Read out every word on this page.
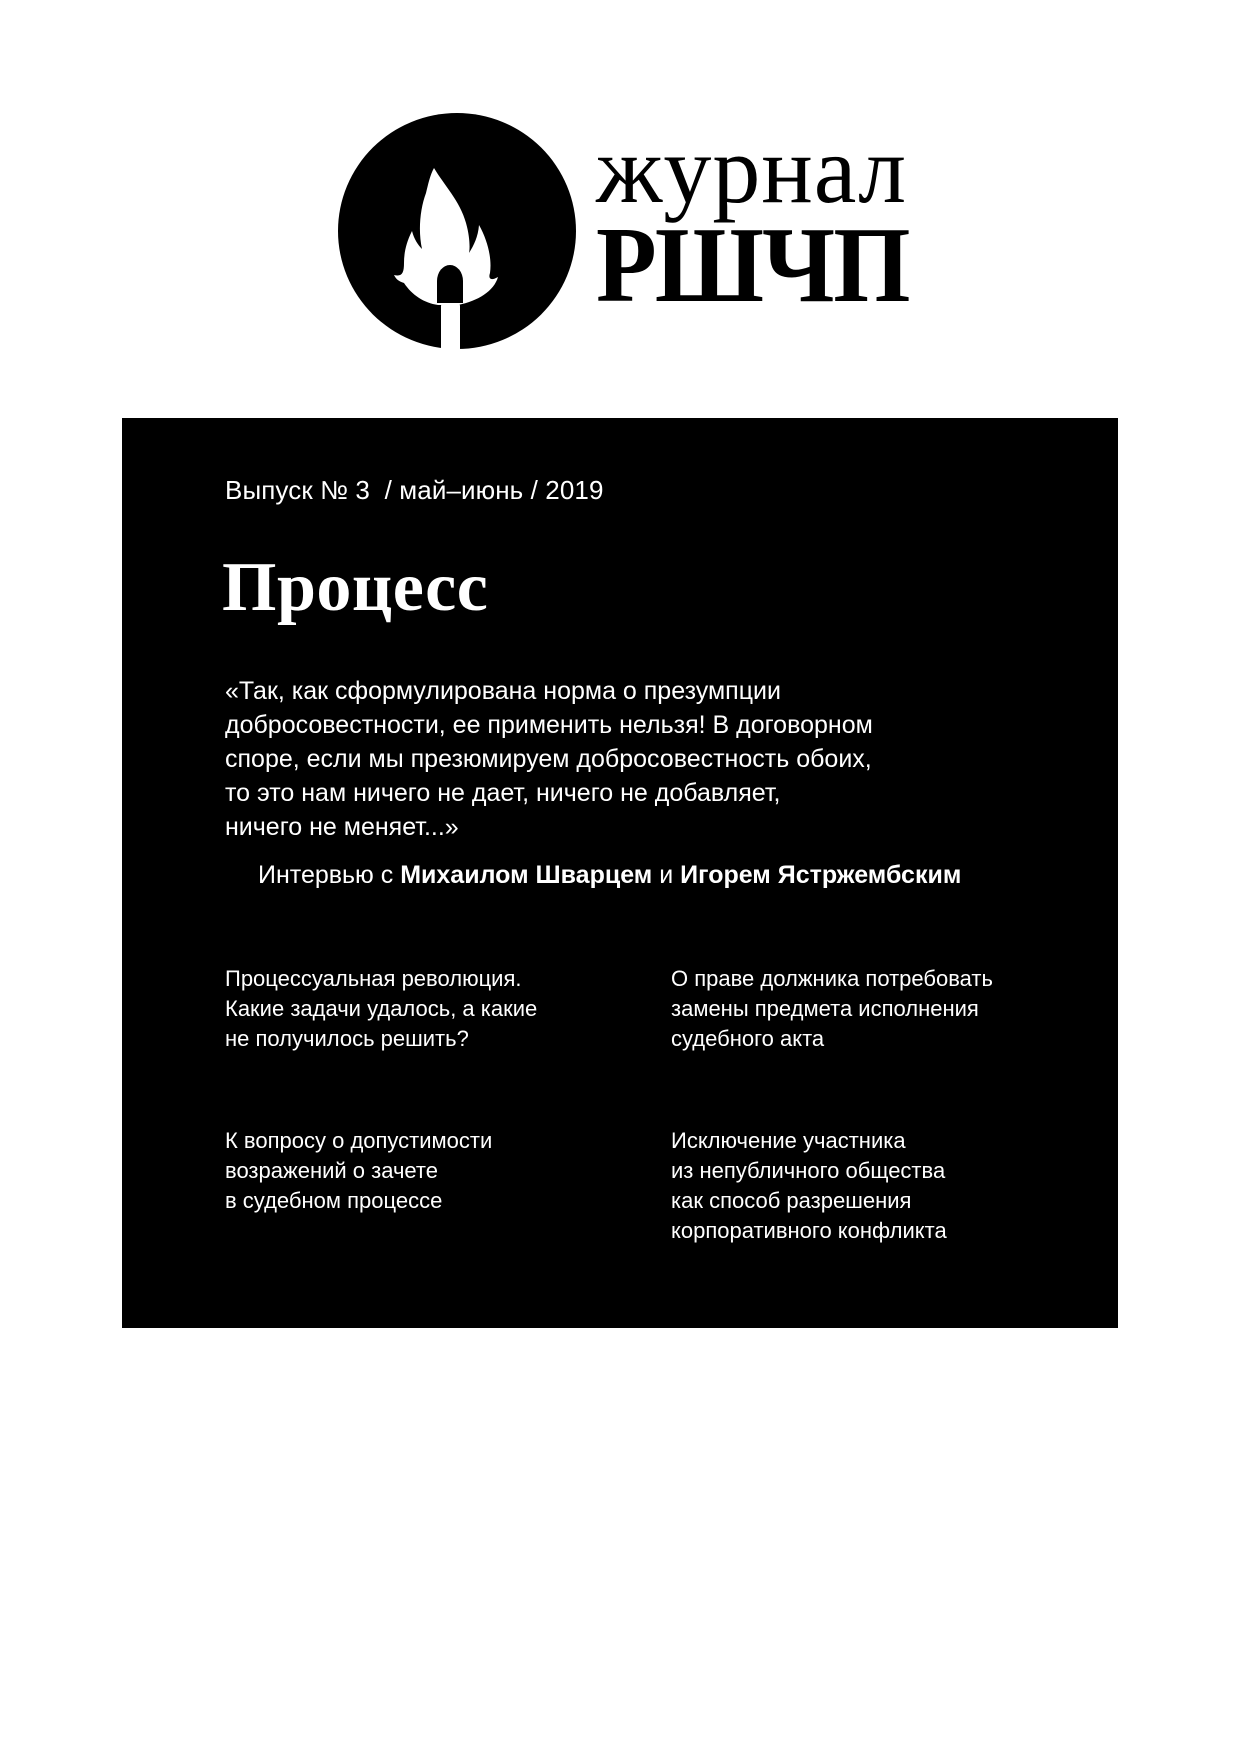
журнал
РШЧП
Выпуск № 3  / май–июнь / 2019
Процесс
«Так, как сформулирована норма о презумпции
добросовестности, ее применить нельзя! В договорном
споре, если мы презюмируем добросовестность обоих,
то это нам ничего не дает, ничего не добавляет,
ничего не меняет...»
Интервью с Михаилом Шварцем и Игорем Ястржембским

Процессуальная революция.
Какие задачи удалось, а какие
не получилось решить?

О праве должника потребовать
замены предмета исполнения
судебного акта

К вопросу о допустимости
возражений о зачете
в судебном процессе

Исключение участника
из непубличного общества
как способ разрешения
корпоративного конфликта
